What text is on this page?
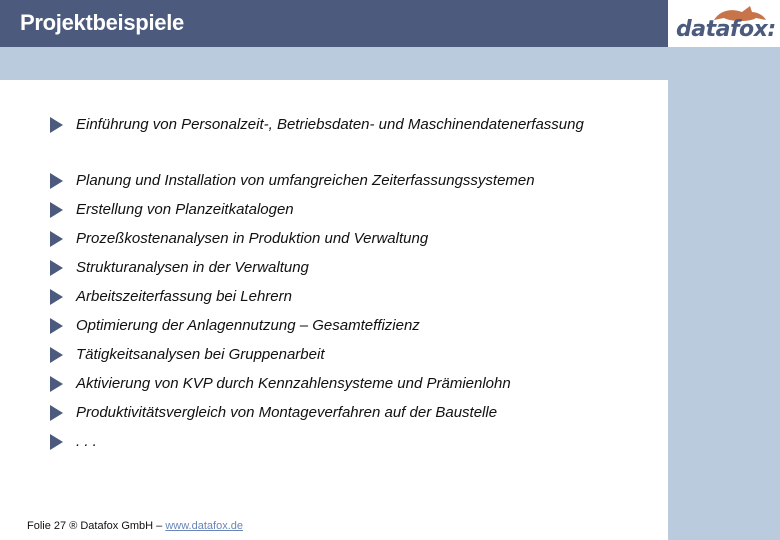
Projektbeispiele	datafox:
Einführung von Personalzeit-, Betriebsdaten- und Maschinendatenerfassung
Planung und Installation von umfangreichen Zeiterfassungssystemen
Erstellung von Planzeitkatalogen
Prozeßkostenanalysen in Produktion und Verwaltung
Strukturanalysen in der Verwaltung
Arbeitszeiterfassung bei Lehrern
Optimierung der Anlagennutzung – Gesamteffizienz
Tätigkeitsanalysen bei Gruppenarbeit
Aktivierung von KVP durch Kennzahlensysteme und Prämienlohn
Produktivitätsvergleich von Montageverfahren auf der Baustelle
. . .
Folie 27 ® Datafox GmbH – www.datafox.de
